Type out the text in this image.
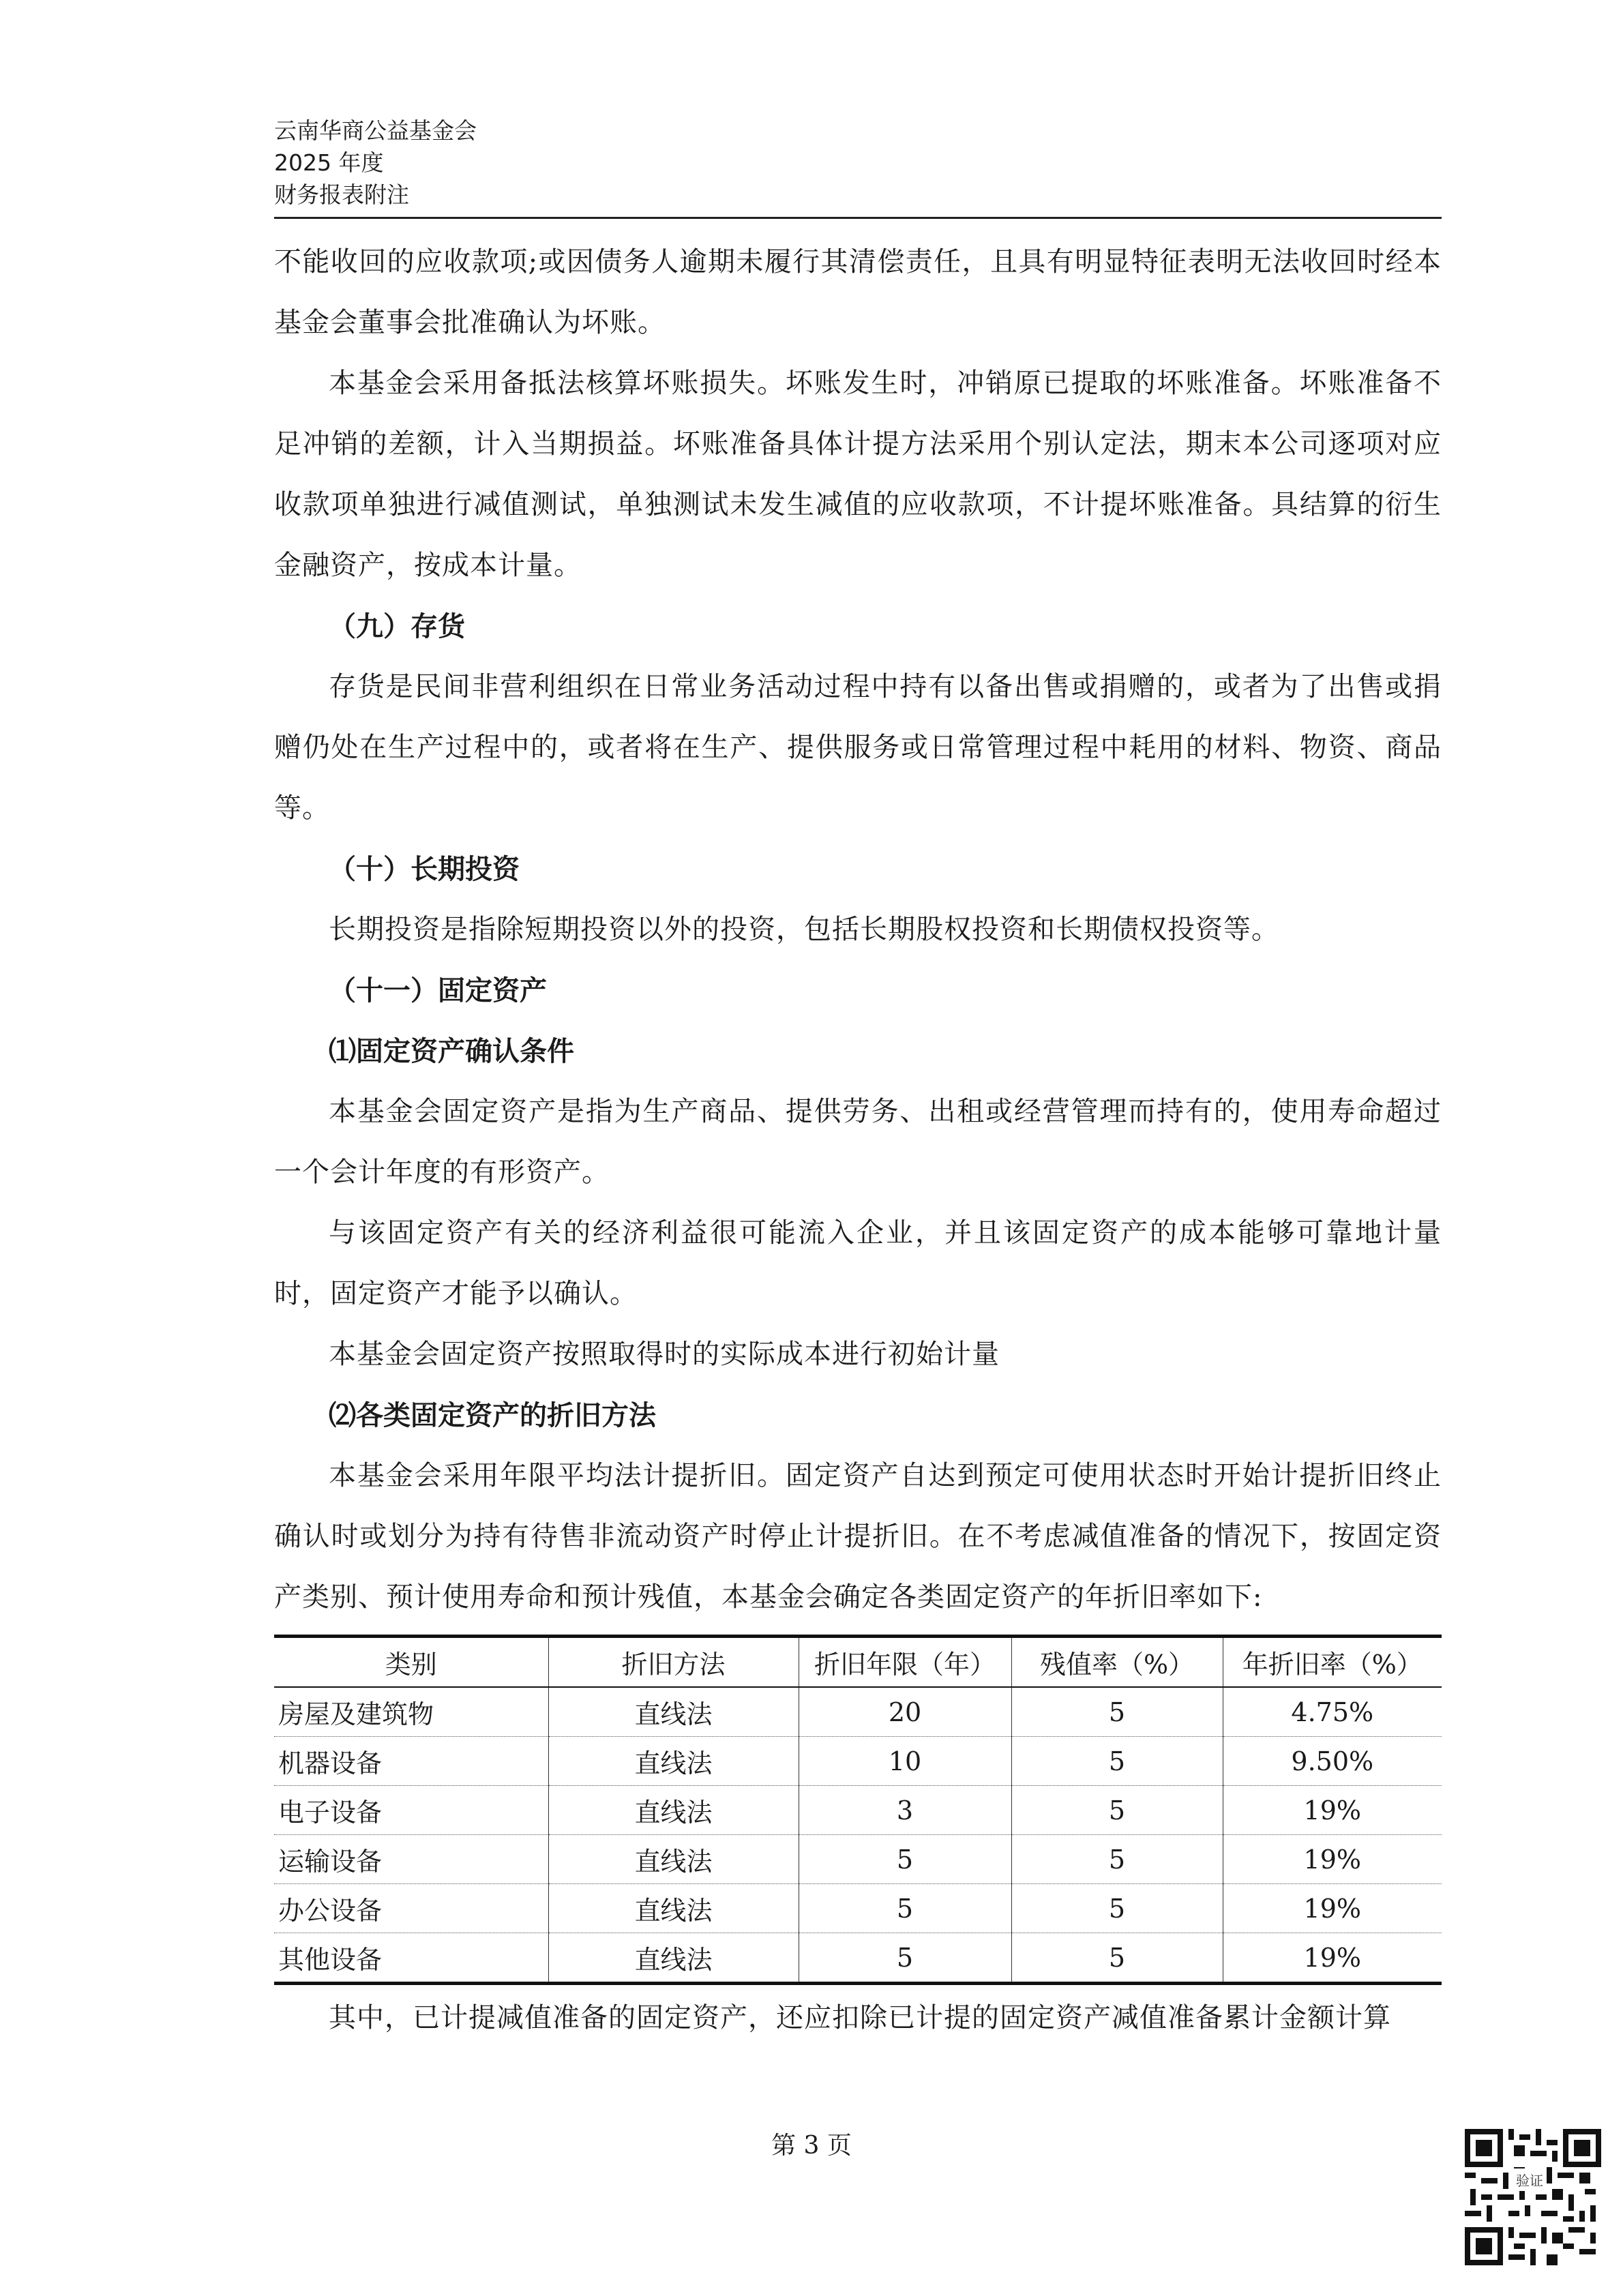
云南华商公益基金会
2025 年度
财务报表附注

不能收回的应收款项;或因债务人逾期未履行其清偿责任，且具有明显特征表明无法收回时经本基金会董事会批准确认为坏账。

本基金会采用备抵法核算坏账损失。坏账发生时，冲销原已提取的坏账准备。坏账准备不足冲销的差额，计入当期损益。坏账准备具体计提方法采用个别认定法，期末本公司逐项对应收款项单独进行减值测试，单独测试未发生减值的应收款项，不计提坏账准备。具结算的衍生金融资产，按成本计量。

（九）存货

存货是民间非营利组织在日常业务活动过程中持有以备出售或捐赠的，或者为了出售或捐赠仍处在生产过程中的，或者将在生产、提供服务或日常管理过程中耗用的材料、物资、商品等。

（十）长期投资

长期投资是指除短期投资以外的投资，包括长期股权投资和长期债权投资等。

（十一）固定资产

⑴固定资产确认条件

本基金会固定资产是指为生产商品、提供劳务、出租或经营管理而持有的，使用寿命超过一个会计年度的有形资产。

与该固定资产有关的经济利益很可能流入企业，并且该固定资产的成本能够可靠地计量时，固定资产才能予以确认。

本基金会固定资产按照取得时的实际成本进行初始计量

⑵各类固定资产的折旧方法

本基金会采用年限平均法计提折旧。固定资产自达到预定可使用状态时开始计提折旧终止确认时或划分为持有待售非流动资产时停止计提折旧。在不考虑减值准备的情况下，按固定资产类别、预计使用寿命和预计残值，本基金会确定各类固定资产的年折旧率如下:

类别	折旧方法	折旧年限（年）	残值率（%）	年折旧率（%）
房屋及建筑物	直线法	20	5	4.75%
机器设备	直线法	10	5	9.50%
电子设备	直线法	3	5	19%
运输设备	直线法	5	5	19%
办公设备	直线法	5	5	19%
其他设备	直线法	5	5	19%

其中，已计提减值准备的固定资产，还应扣除已计提的固定资产减值准备累计金额计算

第 3 页
验证
